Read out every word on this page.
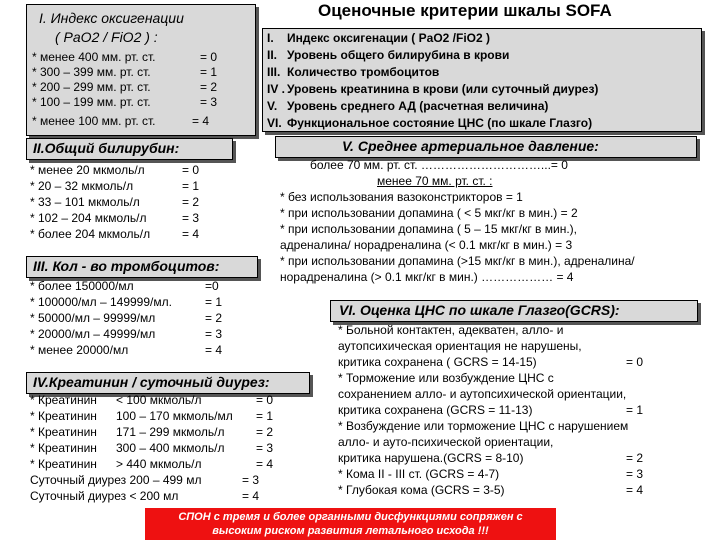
I. Индекс оксигенации
( PaO2 / FiO2 ) :
* менее 400 мм. рт. ст.	= 0
* 300 – 399 мм. рт. ст.	= 1
* 200 – 299 мм. рт. ст.	= 2
* 100 – 199 мм. рт. ст.	= 3
* менее 100 мм. рт. ст.	= 4
Оценочные критерии шкалы SOFA
I. Индекс оксигенации ( PaO2 /FiO2 )
II. Уровень общего билирубина в крови
III. Количество тромбоцитов
IV . Уровень креатинина в крови (или суточный диурез)
V. Уровень среднего АД (расчетная величина)
VI. Функциональное состояние ЦНС (по шкале Глазго)
II.Общий билирубин:
* менее 20 мкмоль/л	= 0
* 20 – 32 мкмоль/л	= 1
* 33 – 101 мкмоль/л	= 2
* 102 – 204 мкмоль/л	= 3
* более 204 мкмоль/л	= 4
III. Кол - во тромбоцитов:
* более 150000/мл	=0
* 100000/мл – 149999/мл.	= 1
* 50000/мл – 99999/мл	= 2
* 20000/мл – 49999/мл	= 3
* менее 20000/мл	= 4
IV.Креатинин / суточный диурез:
* Креатинин < 100 мкмоль/л	= 0
* Креатинин 100 – 170 мкмоль/мл = 1
* Креатинин 171 – 299 мкмоль/л	= 2
* Креатинин 300 – 400 мкмоль/л	= 3
* Креатинин > 440 мкмоль/л	= 4
Суточный диурез 200 – 499 мл	= 3
Суточный диурез < 200 мл	= 4
V. Среднее артериальное давление:
более 70 мм. рт. ст. …………………………...= 0
менее 70 мм. рт. ст. :
* без использования вазоконстрикторов = 1
* при использовании допамина ( < 5 мкг/кг в мин.) = 2
* при использовании допамина ( 5 – 15 мкг/кг в мин.),
адреналина/ норадреналина (< 0.1 мкг/кг в мин.) = 3
* при использовании допамина (>15 мкг/кг в мин.), адреналина/
норадреналина (> 0.1 мкг/кг в мин.) ……………… = 4
VI. Оценка ЦНС по шкале Глазго(GCRS):
* Больной контактен, адекватен, алло- и
аутопсихическая ориентация не нарушены,
критика сохранена ( GCRS = 14-15)	= 0
* Торможение или возбуждение ЦНС с
сохранением алло- и аутопсихической ориентации,
критика сохранена (GCRS = 11-13)	= 1
* Возбуждение или торможение ЦНС с нарушением
алло- и ауто-психической ориентации,
критика нарушена.(GCRS = 8-10)	= 2
* Кома II - III ст. (GCRS = 4-7)	= 3
* Глубокая кома (GCRS = 3-5)	= 4
СПОН с тремя и более органными дисфункциями сопряжен с
высоким риском развития летального исхода !!!
